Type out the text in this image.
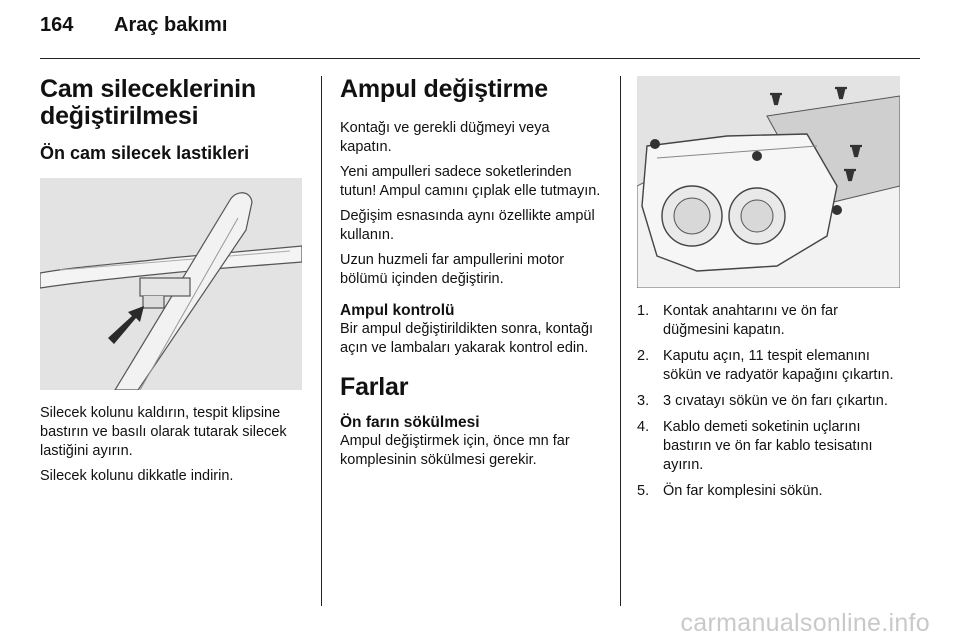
164	Araç bakımı
Cam sileceklerinin değiştirilmesi
Ön cam silecek lastikleri

Silecek kolunu kaldırın, tespit klipsine bastırın ve basılı olarak tutarak silecek lastiğini ayırın.

Silecek kolunu dikkatle indirin.

Ampul değiştirme

Kontağı ve gerekli düğmeyi veya kapatın.

Yeni ampulleri sadece soketlerinden tutun! Ampul camını çıplak elle tutmayın.

Değişim esnasında aynı özellikte ampül kullanın.

Uzun huzmeli far ampullerini motor bölümü içinden değiştirin.

Ampul kontrolü

Bir ampul değiştirildikten sonra, kontağı açın ve lambaları yakarak kontrol edin.

Farlar
Ön farın sökülmesi

Ampul değiştirmek için, önce mn far komplesinin sökülmesi gerekir.

1. Kontak anahtarını ve ön far düğmesini kapatın.
2. Kaputu açın, 11 tespit elemanını sökün ve radyatör kapağını çıkartın.
3. 3 cıvatayı sökün ve ön farı çıkartın.
4. Kablo demeti soketinin uçlarını bastırın ve ön far kablo tesisatını ayırın.
5. Ön far komplesini sökün.
carmanualsonline.info
